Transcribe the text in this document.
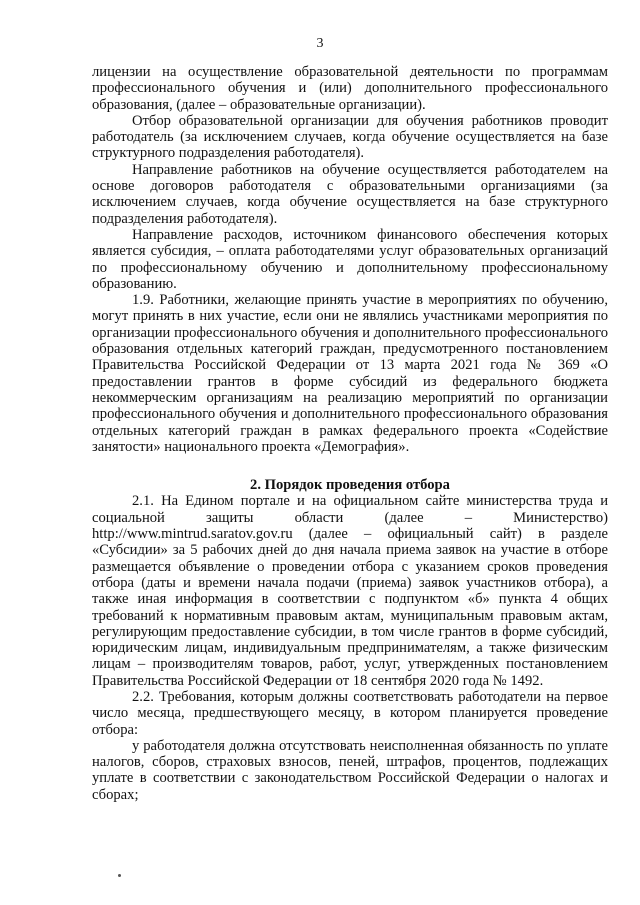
3

лицензии на осуществление образовательной деятельности по программам профессионального обучения и (или) дополнительного профессионального образования, (далее – образовательные организации).

Отбор образовательной организации для обучения работников проводит работодатель (за исключением случаев, когда обучение осуществляется на базе структурного подразделения работодателя).

Направление работников на обучение осуществляется работодателем на основе договоров работодателя с образовательными организациями (за исключением случаев, когда обучение осуществляется на базе структурного подразделения работодателя).

Направление расходов, источником финансового обеспечения которых является субсидия, – оплата работодателями услуг образовательных организаций по профессиональному обучению и дополнительному профессиональному образованию.

1.9. Работники, желающие принять участие в мероприятиях по обучению, могут принять в них участие, если они не являлись участниками мероприятия по организации профессионального обучения и дополнительного профессионального образования отдельных категорий граждан, предусмотренного постановлением Правительства Российской Федерации от 13 марта 2021 года № 369 «О предоставлении грантов в форме субсидий из федерального бюджета некоммерческим организациям на реализацию мероприятий по организации профессионального обучения и дополнительного профессионального образования отдельных категорий граждан в рамках федерального проекта «Содействие занятости» национального проекта «Демография».

2. Порядок проведения отбора

2.1. На Едином портале и на официальном сайте министерства труда и социальной защиты области (далее – Министерство) http://www.mintrud.saratov.gov.ru (далее – официальный сайт) в разделе «Субсидии» за 5 рабочих дней до дня начала приема заявок на участие в отборе размещается объявление о проведении отбора с указанием сроков проведения отбора (даты и времени начала подачи (приема) заявок участников отбора), а также иная информация в соответствии с подпунктом «б» пункта 4 общих требований к нормативным правовым актам, муниципальным правовым актам, регулирующим предоставление субсидии, в том числе грантов в форме субсидий, юридическим лицам, индивидуальным предпринимателям, а также физическим лицам – производителям товаров, работ, услуг, утвержденных постановлением Правительства Российской Федерации от 18 сентября 2020 года № 1492.

2.2. Требования, которым должны соответствовать работодатели на первое число месяца, предшествующего месяцу, в котором планируется проведение отбора:

у работодателя должна отсутствовать неисполненная обязанность по уплате налогов, сборов, страховых взносов, пеней, штрафов, процентов, подлежащих уплате в соответствии с законодательством Российской Федерации о налогах и сборах;
